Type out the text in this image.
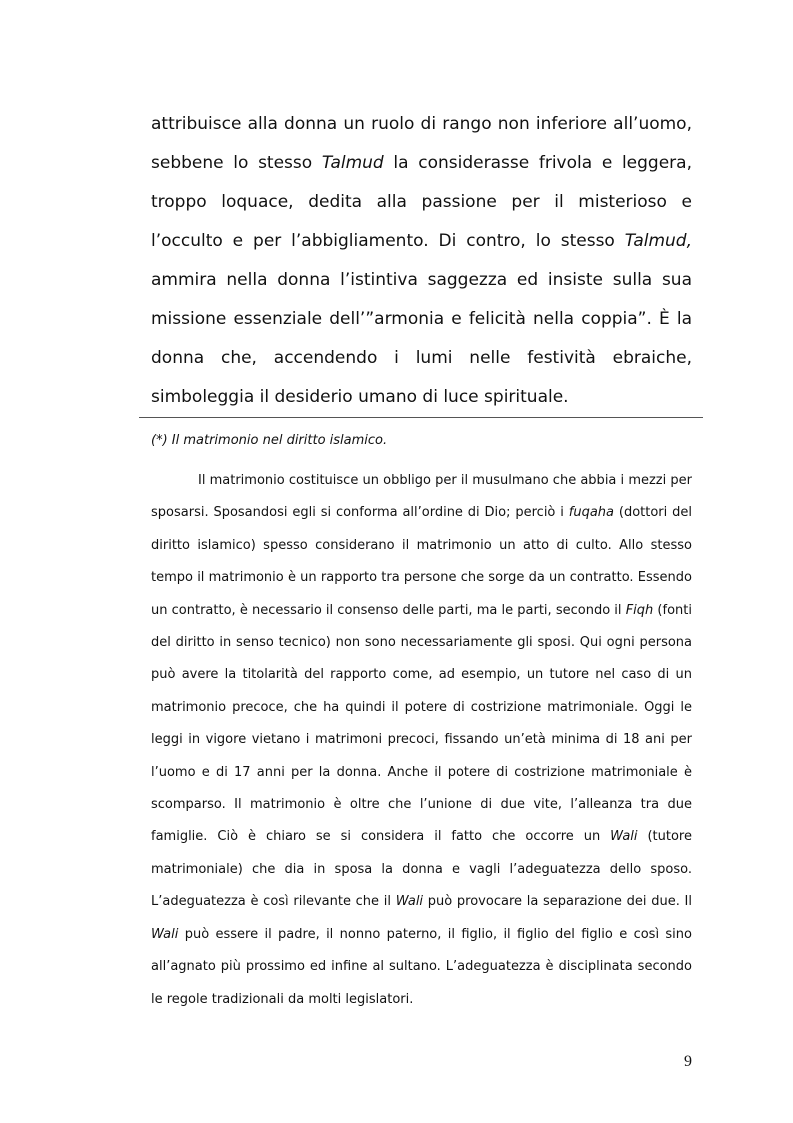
attribuisce alla donna un ruolo di rango non inferiore all’uomo, sebbene lo stesso Talmud la considerasse frivola e leggera, troppo loquace, dedita alla passione per il misterioso e l’occulto e per l’abbigliamento. Di contro, lo stesso Talmud, ammira nella donna l’istintiva saggezza ed insiste sulla sua missione essenziale dell’”armonia e felicità nella coppia”. È la donna che, accendendo i lumi nelle festività ebraiche, simboleggia il desiderio umano di luce spirituale.

(*) Il matrimonio nel diritto islamico.

Il matrimonio costituisce un obbligo per il musulmano che abbia i mezzi per sposarsi. Sposandosi egli si conforma all’ordine di Dio; perciò i fuqaha (dottori del diritto islamico) spesso considerano il matrimonio un atto di culto. Allo stesso tempo il matrimonio è un rapporto tra persone che sorge da un contratto. Essendo un contratto, è necessario il consenso delle parti, ma le parti, secondo il Fiqh (fonti del diritto in senso tecnico) non sono necessariamente gli sposi. Qui ogni persona può avere la titolarità del rapporto come, ad esempio, un tutore nel caso di un matrimonio precoce, che ha quindi il potere di costrizione matrimoniale. Oggi le leggi in vigore vietano i matrimoni precoci, fissando un’età minima di 18 ani per l’uomo e di 17 anni per la donna. Anche il potere di costrizione matrimoniale è scomparso. Il matrimonio è oltre che l’unione di due vite, l’alleanza tra due famiglie. Ciò è chiaro se si considera il fatto che occorre un Wali (tutore matrimoniale) che dia in sposa la donna e vagli l’adeguatezza dello sposo. L’adeguatezza è così rilevante che il Wali può provocare la separazione dei due. Il Wali può essere il padre, il nonno paterno, il figlio, il figlio del figlio e così sino all’agnato più prossimo ed infine al sultano. L’adeguatezza è disciplinata secondo le regole tradizionali da molti legislatori.

9
